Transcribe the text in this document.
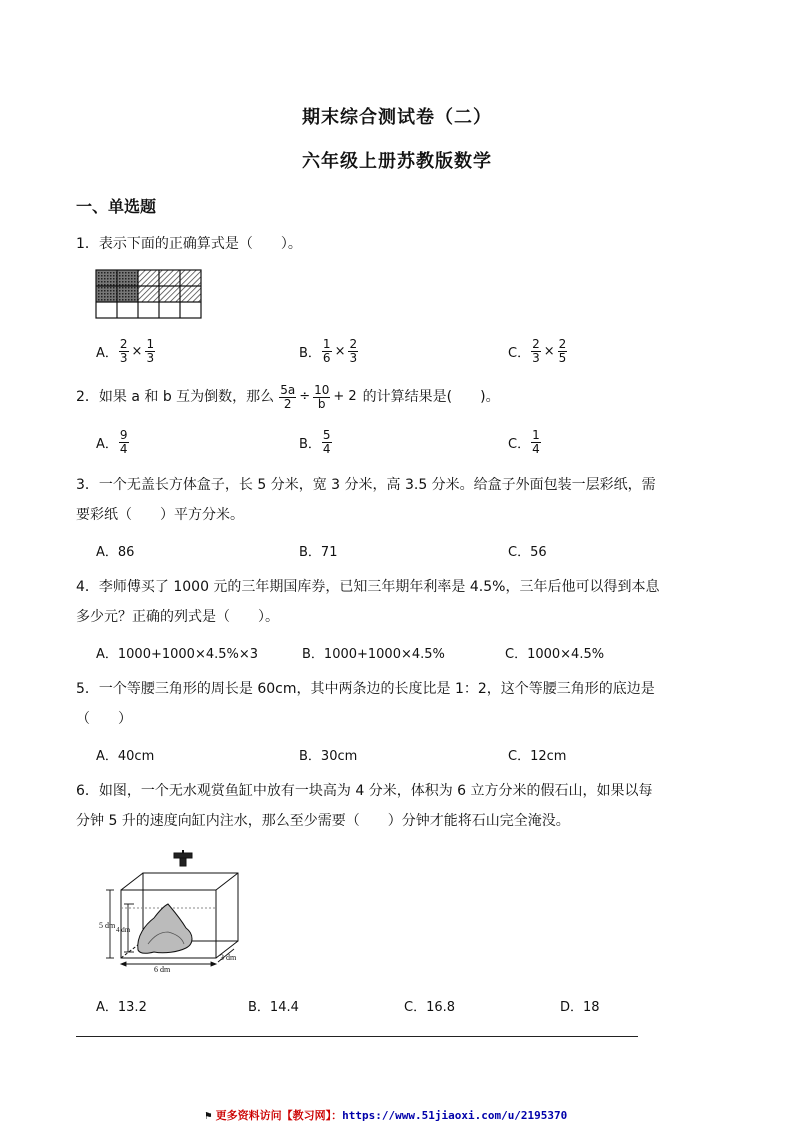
期末综合测试卷（二）
六年级上册苏教版数学
一、单选题
1．表示下面的正确算式是（　　）。
A． $\frac{2}{3} \times \frac{1}{3}$	B． $\frac{1}{6} \times \frac{2}{3}$	C． $\frac{2}{3} \times \frac{2}{5}$
2．如果 a 和 b 互为倒数，那么 $\frac{5a}{2} \div \frac{10}{b} + 2$ 的计算结果是(　　)。
A． $\frac{9}{4}$	B． $\frac{5}{4}$	C． $\frac{1}{4}$
3．一个无盖长方体盒子，长 5 分米，宽 3 分米，高 3.5 分米。给盒子外面包装一层彩纸，需
要彩纸（　　）平方分米。
A．86	B．71	C．56
4．李师傅买了 1000 元的三年期国库券，已知三年期年利率是 4.5%，三年后他可以得到本息
多少元？正确的列式是（　　）。
A．1000+1000×4.5%×3	B．1000+1000×4.5%	C．1000×4.5%
5．一个等腰三角形的周长是 60cm，其中两条边的长度比是 1：2，这个等腰三角形的底边是
（　　）
A．40cm	B．30cm	C．12cm
6．如图，一个无水观赏鱼缸中放有一块高为 4 分米，体积为 6 立方分米的假石山，如果以每
分钟 5 升的速度向缸内注水，那么至少需要（　　）分钟才能将石山完全淹没。
5 dm 4 dm
6 dm
3 dm
A．13.2	B．14.4	C．16.8	D．18
⚑ 更多资料访问【教习网】： https://www.51jiaoxi.com/u/2195370
